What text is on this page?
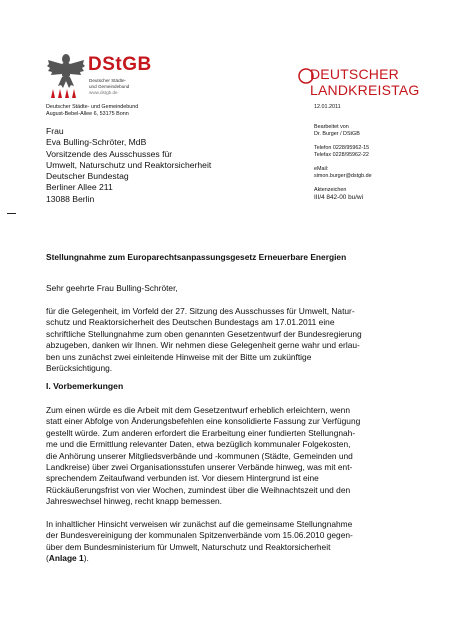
DStGB
Deutscher Städte-
und Gemeindebund
www.dstgb.de
DEUTSCHER
LANDKREISTAG
Deutscher Städte- und Gemeindebund
August-Bebel-Allee 6, 53175 Bonn
12.01.2011
Bearbeitet von
Dr. Burger / DStGB
Telefon 0228/95962-15
Telefax 0228/95962-22
eMail:
simon.burger@dstgb.de
Aktenzeichen
III/4 842-00 bu/wi
Frau
Eva Bulling-Schröter, MdB
Vorsitzende des Ausschusses für
Umwelt, Naturschutz und Reaktorsicherheit
Deutscher Bundestag
Berliner Allee 211
13088 Berlin
Stellungnahme zum Europarechtsanpassungsgesetz Erneuerbare Energien
Sehr geehrte Frau Bulling-Schröter,
für die Gelegenheit, im Vorfeld der 27. Sitzung des Ausschusses für Umwelt, Natur-
schutz und Reaktorsicherheit des Deutschen Bundestags am 17.01.2011 eine
schriftliche Stellungnahme zum oben genannten Gesetzentwurf der Bundesregierung
abzugeben, danken wir Ihnen. Wir nehmen diese Gelegenheit gerne wahr und erlau-
ben uns zunächst zwei einleitende Hinweise mit der Bitte um zukünftige
Berücksichtigung.
I. Vorbemerkungen
Zum einen würde es die Arbeit mit dem Gesetzentwurf erheblich erleichtern, wenn
statt einer Abfolge von Änderungsbefehlen eine konsolidierte Fassung zur Verfügung
gestellt würde. Zum anderen erfordert die Erarbeitung einer fundierten Stellungnah-
me und die Ermittlung relevanter Daten, etwa bezüglich kommunaler Folgekosten,
die Anhörung unserer Mitgliedsverbände und -kommunen (Städte, Gemeinden und
Landkreise) über zwei Organisationsstufen unserer Verbände hinweg, was mit ent-
sprechendem Zeitaufwand verbunden ist. Vor diesem Hintergrund ist eine
Rückäußerungsfrist von vier Wochen, zumindest über die Weihnachtszeit und den
Jahreswechsel hinweg, recht knapp bemessen.
In inhaltlicher Hinsicht verweisen wir zunächst auf die gemeinsame Stellungnahme
der Bundesvereinigung der kommunalen Spitzenverbände vom 15.06.2010 gegen-
über dem Bundesministerium für Umwelt, Naturschutz und Reaktorsicherheit
(Anlage 1).
